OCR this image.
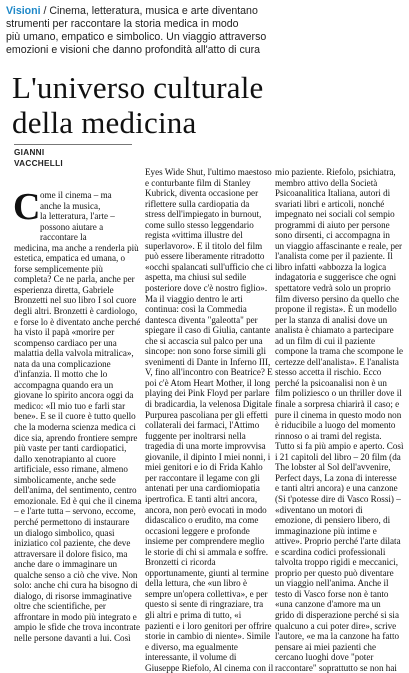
Visioni / Cinema, letteratura, musica e arte diventano
strumenti per raccontare la storia medica in modo
più umano, empatico e simbolico. Un viaggio attraverso
emozioni e visioni che danno profondità all'atto di cura
L'universo culturale
della medicina
GIANNI
VACCHELLI
C ome il cinema – ma
anche la musica,
la letteratura, l'arte –
possono aiutare a
raccontare la
medicina, ma anche a renderla più
estetica, empatica ed umana, o
forse semplicemente più
completa? Ce ne parla, anche per
esperienza diretta, Gabriele
Bronzetti nel suo libro I sol cuore
degli altri. Bronzetti è cardiologo,
e forse lo è diventato anche perché
ha visto il papà «morire per
scompenso cardiaco per una
malattia della valvola mitralica»,
nata da una complicazione
d'infanzia. Il motto che lo
accompagna quando era un
giovane lo spirito ancora oggi da
medico: «Il mio tuo e farli star
bene». E se il cuore è tutto quello
che la moderna scienza medica ci
dice sia, aprendo frontiere sempre
più vaste per tanti cardiopatici,
dallo xenotrapianto al cuore
artificiale, esso rimane, almeno
simbolicamente, anche sede
dell'anima, del sentimento, centro
emozionale. Ed è qui che il cinema
– e l'arte tutta – servono, eccome,
perché permettono di instaurare
un dialogo simbolico, quasi
iniziatico col paziente, che deve
attraversare il dolore fisico, ma
anche dare o immaginare un
qualche senso a ciò che vive. Non
solo: anche chi cura ha bisogno di
dialogo, di risorse immaginative
oltre che scientifiche, per
affrontare in modo più integrato e
ampio le sfide che trova incontrate
nelle persone davanti a lui. Così
Eyes Wide Shut, l'ultimo maestoso
e conturbante film di Stanley
Kubrick, diventa occasione per
riflettere sulla cardiopatia da
stress dell'impiegato in burnout,
come sullo stesso leggendario
regista «vittima illustre del
superlavoro». E il titolo del film
può essere liberamente ritradotto
«occhi spalancati sull'ufficio che ci
aspetta, ma chiusi sul sedile
posteriore dove c'è nostro figlio».
Ma il viaggio dentro le arti
continua: così la Commedia
dantesca diventa "galeotta" per
spiegare il caso di Giulia, cantante
che si accascia sul palco per una
sincope: non sono forse simili gli
svenimenti di Dante in Inferno III,
V, fino all'incontro con Beatrice? E
poi c'è Atom Heart Mother, il long
playing dei Pink Floyd per parlare
di bradicardia, la velenosa Digitale
Purpurea pascoliana per gli effetti
collaterali dei farmaci, l'Attimo
fuggente per inoltrarsi nella
tragedia di una morte improvvisa
giovanile, il dipinto I miei nonni, i
miei genitori e io di Frida Kahlo
per raccontare il legame con gli
antenati per una cardiomiopatia
ipertrofica. E tanti altri ancora,
ancora, non però evocati in modo
didascalico o erudito, ma come
occasioni leggere e profonde
insieme per comprendere meglio
le storie di chi si ammala e soffre.
Bronzetti ci ricorda
opportunamente, giunti al termine
della lettura, che «un libro è
sempre un'opera collettiva», e per
questo si sente di ringraziare, tra
gli altri e prima di tutto, «i
pazienti e i loro genitori per offrire
storie in cambio di niente». Simile
e diverso, ma egualmente
interessante, il volume di
Giuseppe Riefolo, Al cinema con il
mio paziente. Riefolo, psichiatra,
membro attivo della Società
Psicoanalitica Italiana, autori di
svariati libri e articoli, nonché
impegnato nei sociali col sempio
programmi di aiuto per persone
sono dirsenti, ci accompagna in
un viaggio affascinante e reale, per
l'analista come per il paziente. Il
libro infatti «abbozza la logica
indagatoria e suggerisce che ogni
spettatore vedrà solo un proprio
film diverso persino da quello che
propone il regista». È un modello
per la stanza di analisi dove un
analista è chiamato a partecipare
ad un film di cui il paziente
compone la trama che scompone le
certezze dell'analista». E l'analista
stesso accetta il rischio. Ecco
perché la psicoanalisi non è un
film poliziesco o un thriller dove il
finale a sorpresa chiarirà il caso; e
pure il cinema in questo modo non
è riducibile a luogo del momento
rinnoso o ai trami del regista.
Tutto si fa più ampio e aperto. Così
i 21 capitoli del libro – 20 film (da
The lobster al Sol dell'avvenire,
Perfect days, La zona di interesse
e tanti altri ancora) e una canzone
(Si t'potesse dire di Vasco Rossi) –
«diventano un motori di
emozione, di pensiero libero, di
immaginazione più intime e
attive». Proprio perché l'arte dilata
e scardina codici professionali
talvolta troppo rigidi e meccanici,
proprio per questo può diventare
un viaggio nell'anima. Anche il
testo di Vasco forse non è tanto
«una canzone d'amore ma un
grido di disperazione perché si sia
qualcuno a cui poter dire», scrive
l'autore, «e ma la canzone ha fatto
pensare ai miei pazienti che
cercano luoghi dove "poter
raccontare" soprattutto se non hai
